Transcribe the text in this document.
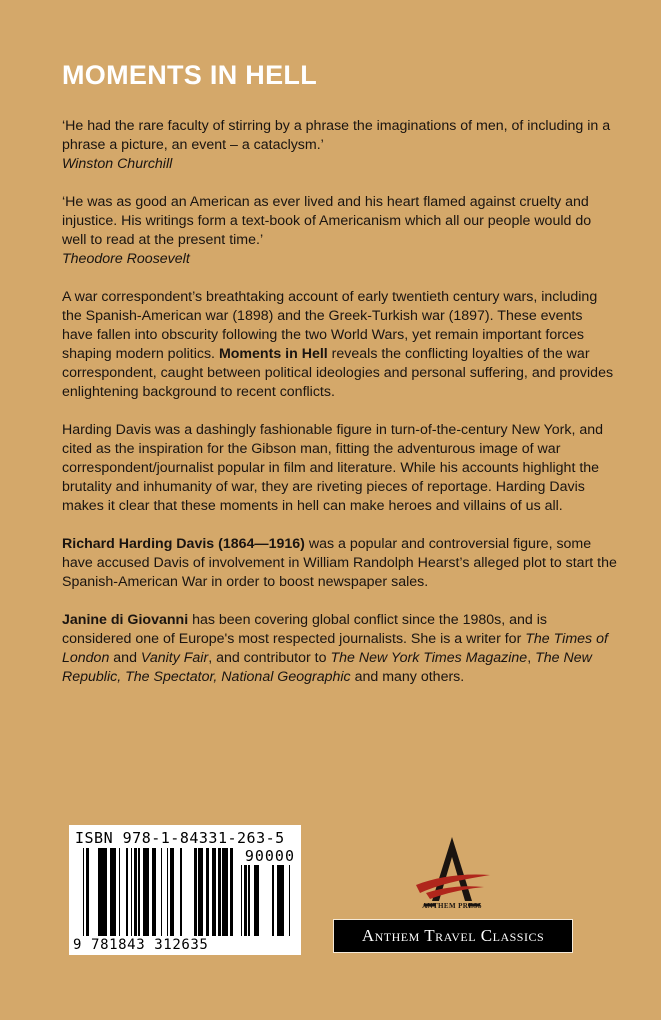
MOMENTS IN HELL

‘He had the rare faculty of stirring by a phrase the imaginations of men, of including in a phrase a picture, an event – a cataclysm.’
Winston Churchill

‘He was as good an American as ever lived and his heart flamed against cruelty and injustice. His writings form a text-book of Americanism which all our people would do well to read at the present time.’
Theodore Roosevelt

A war correspondent’s breathtaking account of early twentieth century wars, including the Spanish-American war (1898) and the Greek-Turkish war (1897). These events have fallen into obscurity following the two World Wars, yet remain important forces shaping modern politics. Moments in Hell reveals the conflicting loyalties of the war correspondent, caught between political ideologies and personal suffering, and provides enlightening background to recent conflicts.

Harding Davis was a dashingly fashionable figure in turn-of-the-century New York, and cited as the inspiration for the Gibson man, fitting the adventurous image of war correspondent/journalist popular in film and literature. While his accounts highlight the brutality and inhumanity of war, they are riveting pieces of reportage. Harding Davis makes it clear that these moments in hell can make heroes and villains of us all.

Richard Harding Davis (1864—1916) was a popular and controversial figure, some have accused Davis of involvement in William Randolph Hearst’s alleged plot to start the Spanish-American War in order to boost newspaper sales.

Janine di Giovanni has been covering global conflict since the 1980s, and is considered one of Europe's most respected journalists. She is a writer for The Times of London and Vanity Fair, and contributor to The New York Times Magazine, The New Republic, The Spectator, National Geographic and many others.

ISBN 978-1-84331-263-5
90000
9 781843 312635
ANTHEM PRESS
Anthem Travel Classics
